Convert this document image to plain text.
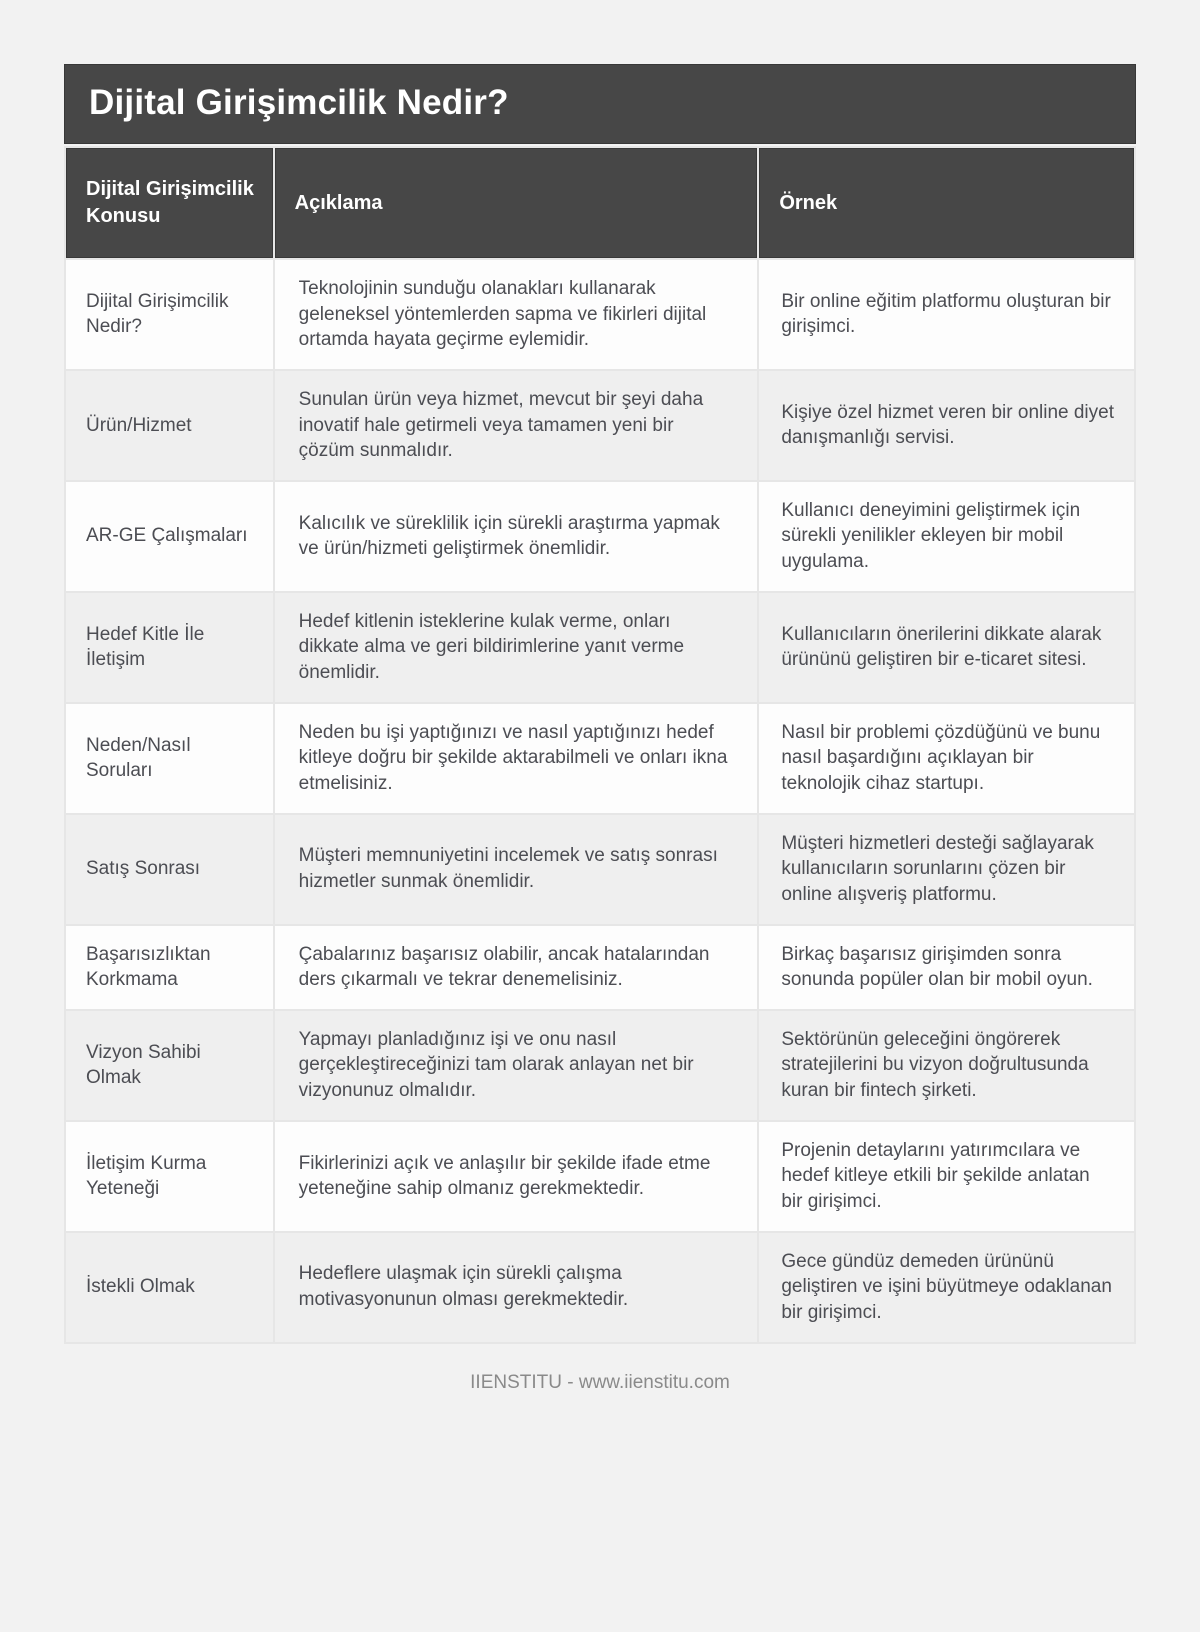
Dijital Girişimcilik Nedir?
Dijital Girişimcilik Konusu	Açıklama	Örnek
Dijital Girişimcilik Nedir?	Teknolojinin sunduğu olanakları kullanarak geleneksel yöntemlerden sapma ve fikirleri dijital ortamda hayata geçirme eylemidir.	Bir online eğitim platformu oluşturan bir girişimci.
Ürün/Hizmet	Sunulan ürün veya hizmet, mevcut bir şeyi daha inovatif hale getirmeli veya tamamen yeni bir çözüm sunmalıdır.	Kişiye özel hizmet veren bir online diyet danışmanlığı servisi.
AR-GE Çalışmaları	Kalıcılık ve süreklilik için sürekli araştırma yapmak ve ürün/hizmeti geliştirmek önemlidir.	Kullanıcı deneyimini geliştirmek için sürekli yenilikler ekleyen bir mobil uygulama.
Hedef Kitle İle İletişim	Hedef kitlenin isteklerine kulak verme, onları dikkate alma ve geri bildirimlerine yanıt verme önemlidir.	Kullanıcıların önerilerini dikkate alarak ürününü geliştiren bir e-ticaret sitesi.
Neden/Nasıl Soruları	Neden bu işi yaptığınızı ve nasıl yaptığınızı hedef kitleye doğru bir şekilde aktarabilmeli ve onları ikna etmelisiniz.	Nasıl bir problemi çözdüğünü ve bunu nasıl başardığını açıklayan bir teknolojik cihaz startupı.
Satış Sonrası	Müşteri memnuniyetini incelemek ve satış sonrası hizmetler sunmak önemlidir.	Müşteri hizmetleri desteği sağlayarak kullanıcıların sorunlarını çözen bir online alışveriş platformu.
Başarısızlıktan Korkmama	Çabalarınız başarısız olabilir, ancak hatalarından ders çıkarmalı ve tekrar denemelisiniz.	Birkaç başarısız girişimden sonra sonunda popüler olan bir mobil oyun.
Vizyon Sahibi Olmak	Yapmayı planladığınız işi ve onu nasıl gerçekleştireceğinizi tam olarak anlayan net bir vizyonunuz olmalıdır.	Sektörünün geleceğini öngörerek stratejilerini bu vizyon doğrultusunda kuran bir fintech şirketi.
İletişim Kurma Yeteneği	Fikirlerinizi açık ve anlaşılır bir şekilde ifade etme yeteneğine sahip olmanız gerekmektedir.	Projenin detaylarını yatırımcılara ve hedef kitleye etkili bir şekilde anlatan bir girişimci.
İstekli Olmak	Hedeflere ulaşmak için sürekli çalışma motivasyonunun olması gerekmektedir.	Gece gündüz demeden ürününü geliştiren ve işini büyütmeye odaklanan bir girişimci.
IIENSTITU - www.iienstitu.com
